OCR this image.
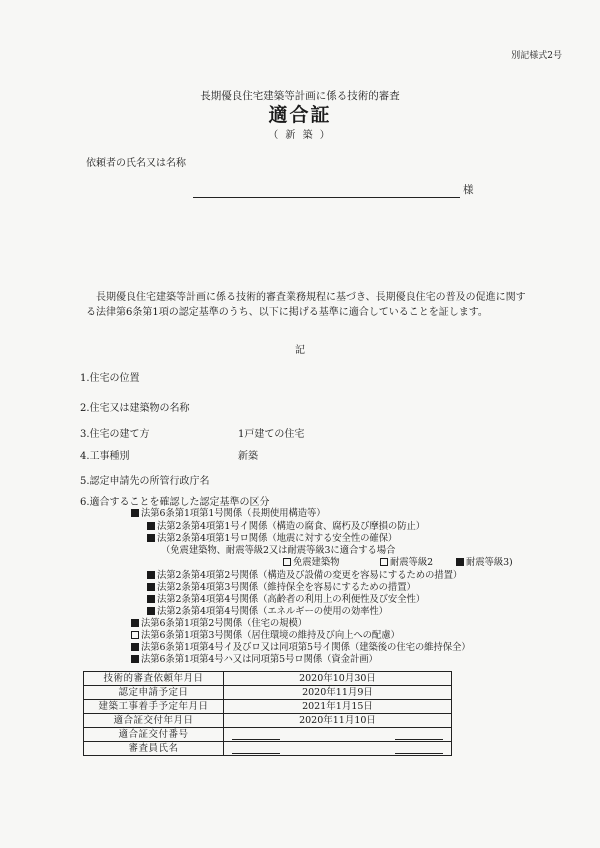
別記様式2号
長期優良住宅建築等計画に係る技術的審査
適合証
（ 新 築 ）
依頼者の氏名又は名称
様
長期優良住宅建築等計画に係る技術的審査業務規程に基づき、長期優良住宅の普及の促進に関する法律第6条第1項の認定基準のうち、以下に掲げる基準に適合していることを証します。
記
1.住宅の位置
2.住宅又は建築物の名称
3.住宅の建て方	1戸建ての住宅
4.工事種別	新築
5.認定申請先の所管行政庁名
6.適合することを確認した認定基準の区分
法第6条第1項第1号関係（長期使用構造等）
法第2条第4項第1号イ関係（構造の腐食、腐朽及び摩損の防止）
法第2条第4項第1号ロ関係（地震に対する安全性の確保）
（免震建築物、耐震等級2又は耐震等級3に適合する場合
免震建築物	耐震等級2	耐震等級3)
法第2条第4項第2号関係（構造及び設備の変更を容易にするための措置）
法第2条第4項第3号関係（維持保全を容易にするための措置）
法第2条第4項第4号関係（高齢者の利用上の利便性及び安全性）
法第2条第4項第4号関係（エネルギーの使用の効率性）
法第6条第1項第2号関係（住宅の規模）
法第6条第1項第3号関係（居住環境の維持及び向上への配慮）
法第6条第1項第4号イ及びロ又は同項第5号イ関係（建築後の住宅の維持保全）
法第6条第1項第4号ハ又は同項第5号ロ関係（資金計画）
技術的審査依頼年月日	2020年10月30日
認定申請予定日	2020年11月9日
建築工事着手予定年月日	2021年1月15日
適合証交付年月日	2020年11月10日
適合証交付番号	

審査員氏名	
